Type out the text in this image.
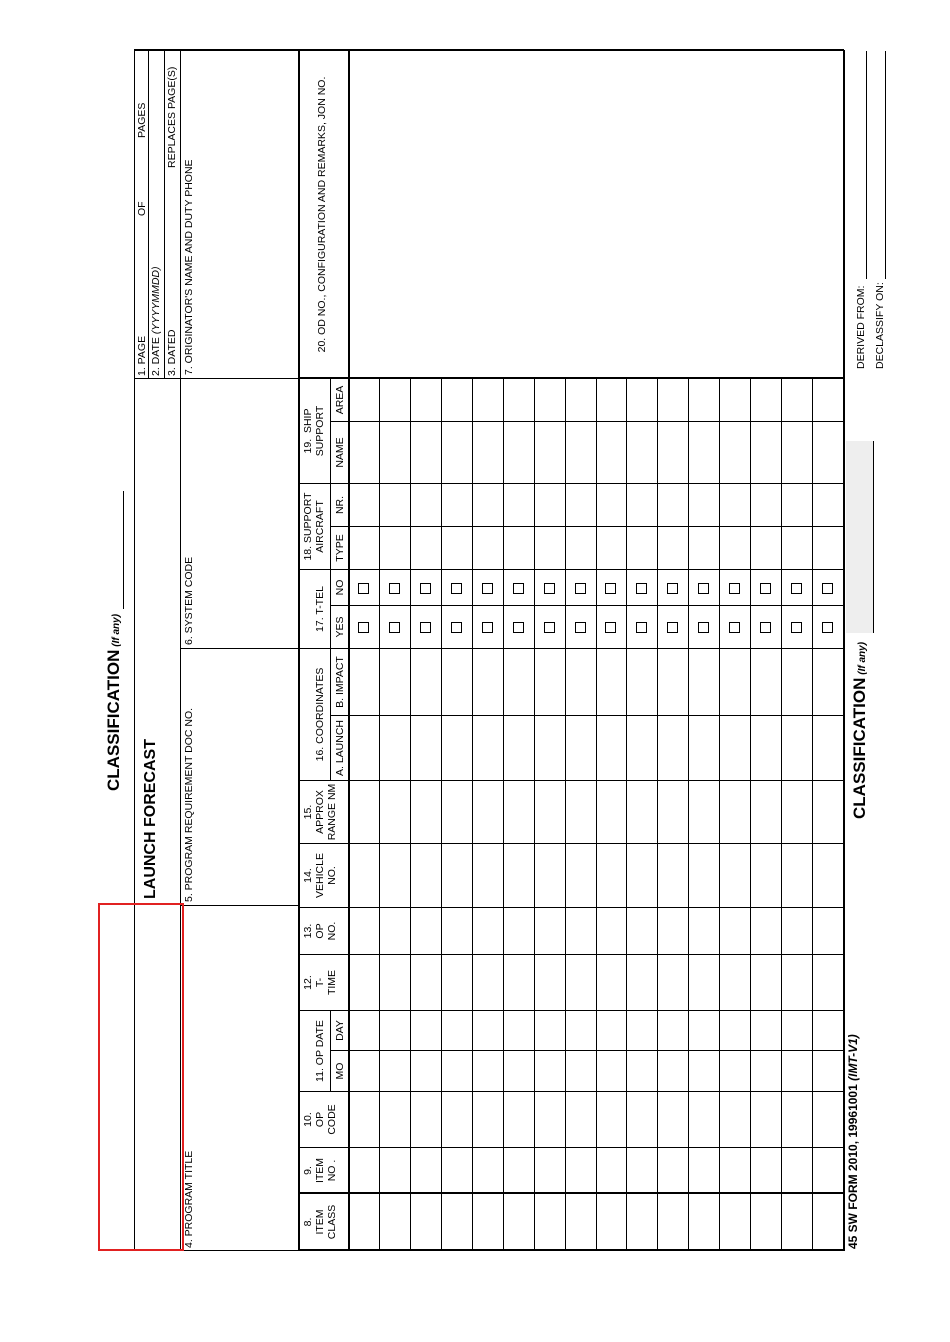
CLASSIFICATION (If any)
LAUNCH FORECAST
1. PAGE
OF
PAGES
2. DATE (YYYYMMDD)
3. DATED
REPLACES PAGE(S)
4. PROGRAM TITLE
5. PROGRAM REQUIREMENT DOC NO.
6. SYSTEM CODE
7. ORIGINATOR'S NAME AND DUTY PHONE
8.
ITEM
CLASS
9.
ITEM
NO .
10.
OP
CODE
11. OP DATE MO
DAY
12.
T-
TIME
13.
OP
NO.
14.
VEHICLE
NO.
15.
APPROX
RANGE NM
16. COORDINATES A. LAUNCH
B. IMPACT
17. T-TEL YES
NO
18. SUPPORT
AIRCRAFT TYPE
NR.
19.  SHIP
SUPPORT NAME
AREA
20. OD NO., CONFIGURATION AND REMARKS, JON NO.
45 SW FORM 2010, 19961001 (IMT-V1)
CLASSIFICATION (If any)
DERIVED FROM: DECLASSIFY ON:
